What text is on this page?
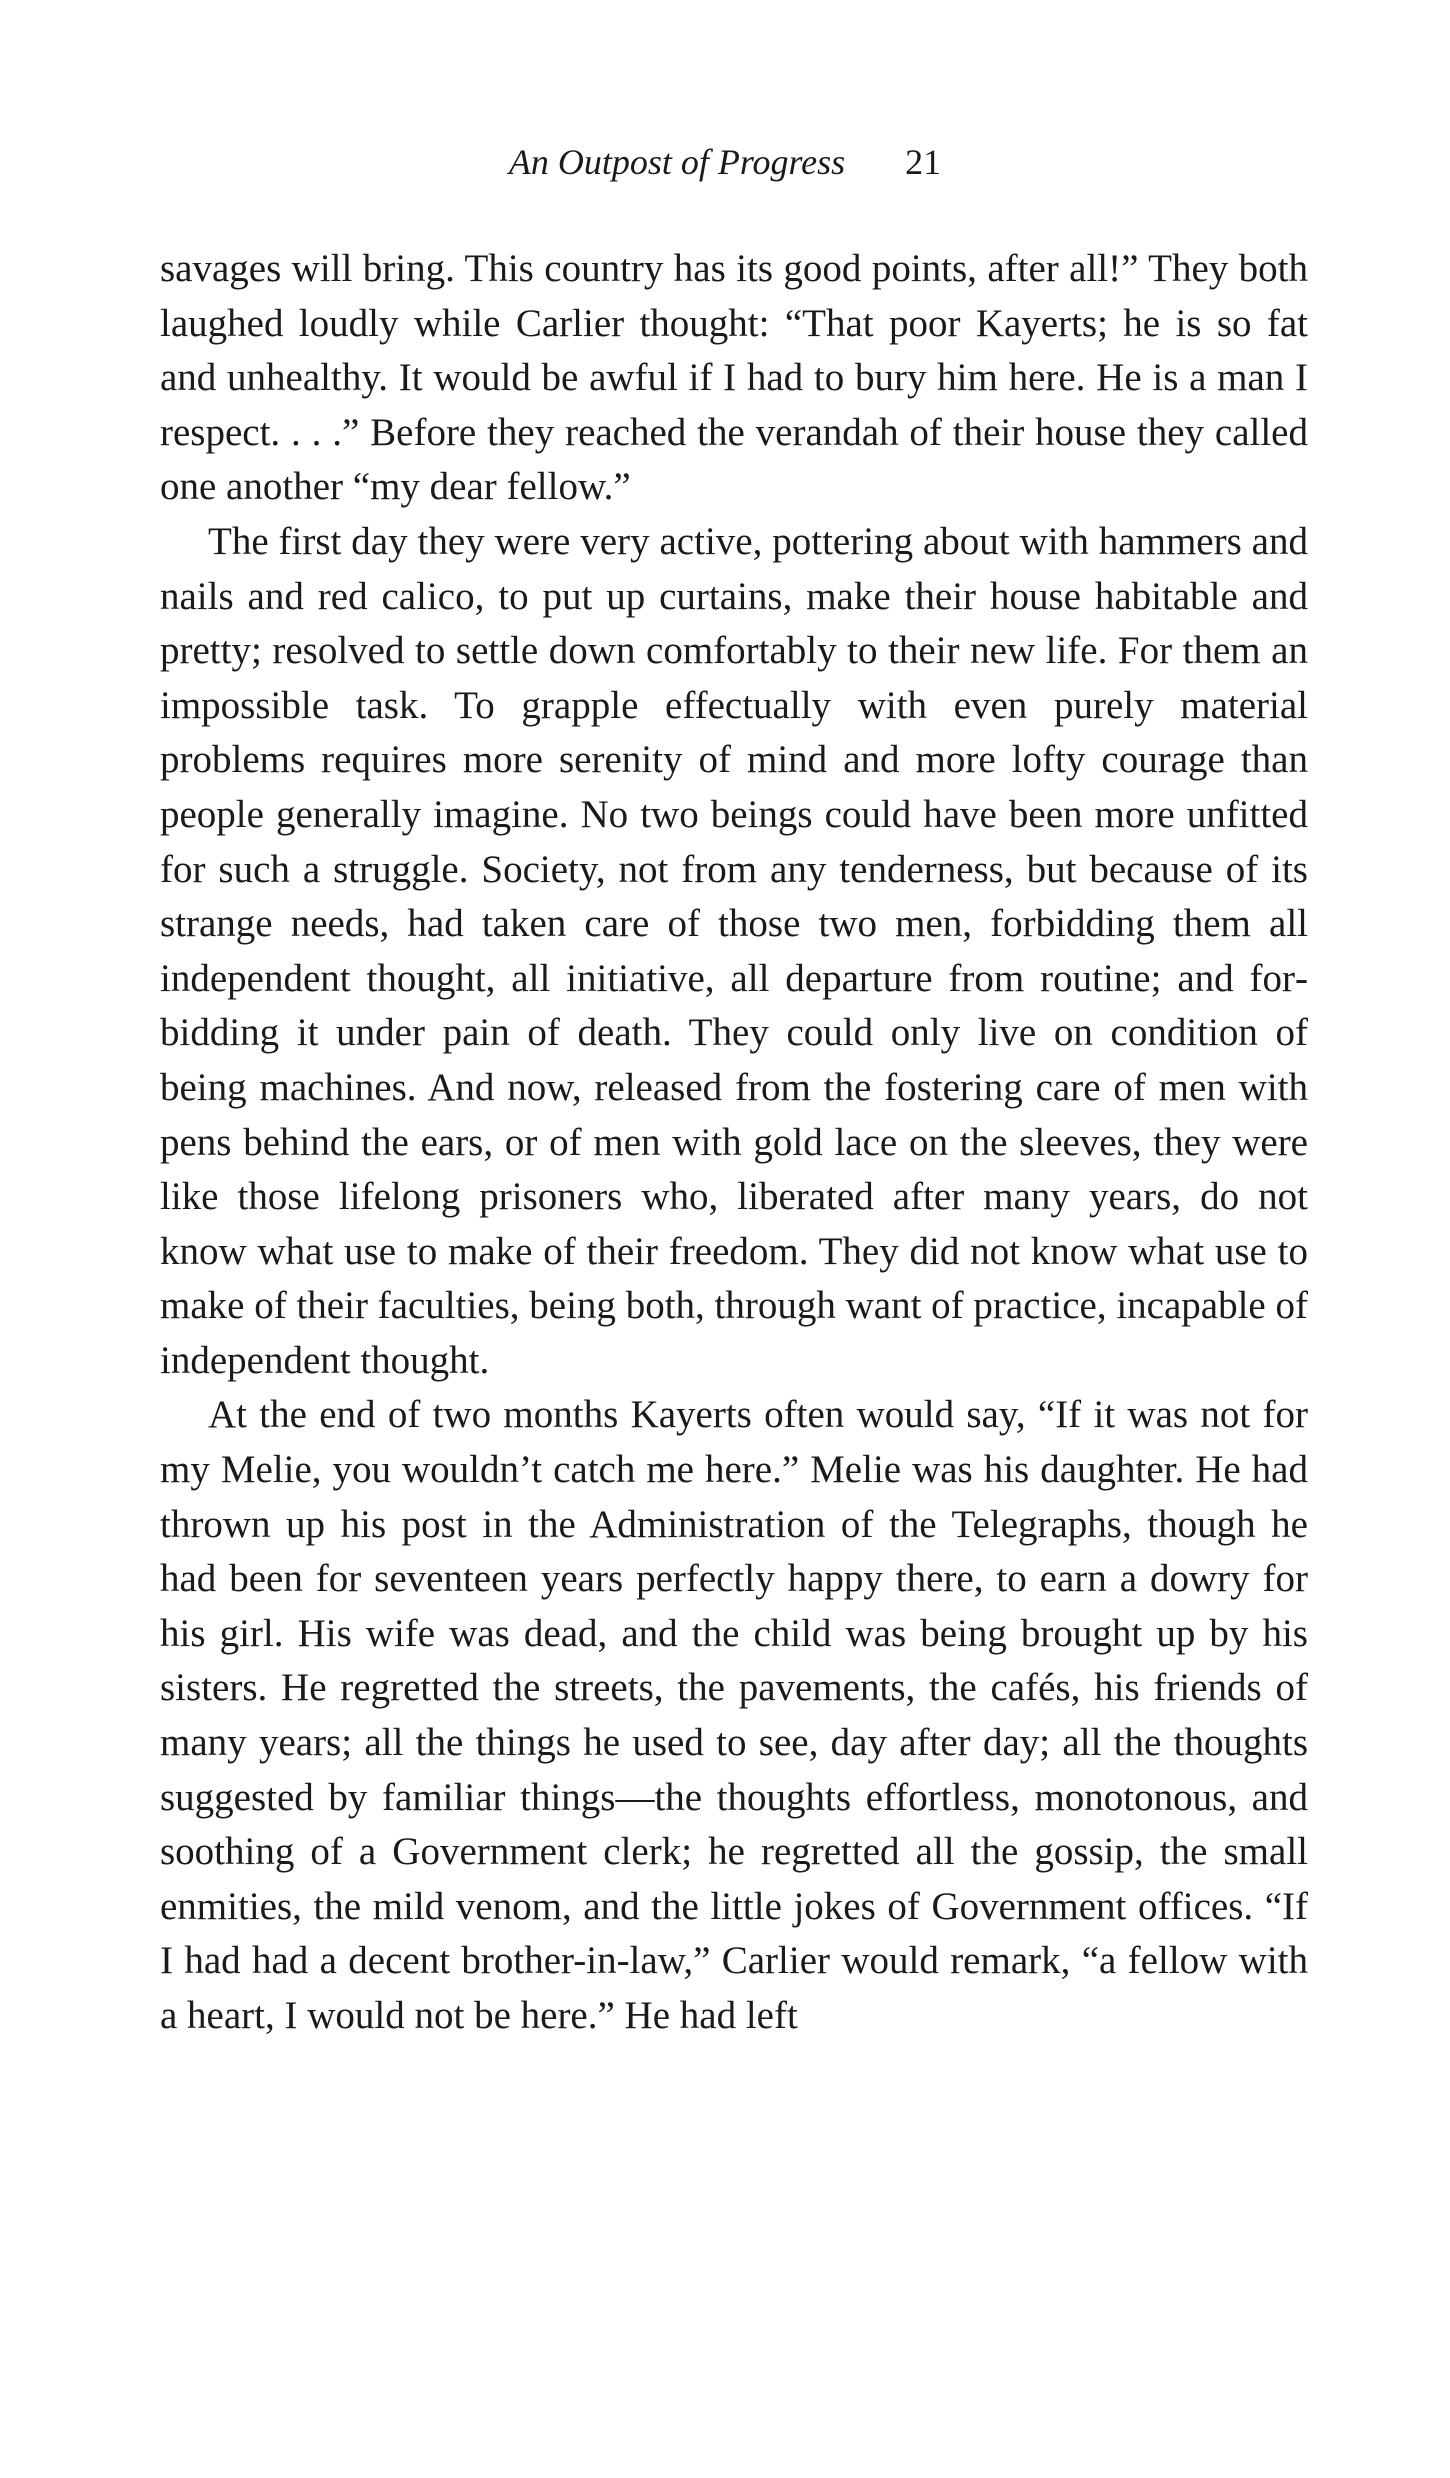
An Outpost of Progress 21

savages will bring. This country has its good points, after all!” They both laughed loudly while Carlier thought: “That poor Kayerts; he is so fat and unhealthy. It would be awful if I had to bury him here. He is a man I respect. . . .” Before they reached the verandah of their house they called one another “my dear fellow.”

The first day they were very active, pottering about with hammers and nails and red calico, to put up curtains, make their house habitable and pretty; resolved to settle down comfortably to their new life. For them an impossible task. To grapple effectually with even purely material problems requires more serenity of mind and more lofty courage than people generally imagine. No two beings could have been more unfitted for such a struggle. Society, not from any tenderness, but because of its strange needs, had taken care of those two men, forbidding them all independent thought, all initiative, all departure from routine; and forbidding it under pain of death. They could only live on condition of being machines. And now, released from the fostering care of men with pens behind the ears, or of men with gold lace on the sleeves, they were like those lifelong prisoners who, liberated after many years, do not know what use to make of their freedom. They did not know what use to make of their faculties, being both, through want of practice, incapable of independent thought.

At the end of two months Kayerts often would say, “If it was not for my Melie, you wouldn’t catch me here.” Melie was his daughter. He had thrown up his post in the Administration of the Telegraphs, though he had been for seventeen years perfectly happy there, to earn a dowry for his girl. His wife was dead, and the child was being brought up by his sisters. He regretted the streets, the pavements, the cafés, his friends of many years; all the things he used to see, day after day; all the thoughts suggested by familiar things—the thoughts effortless, monotonous, and soothing of a Government clerk; he regretted all the gossip, the small enmities, the mild venom, and the little jokes of Government offices. “If I had had a decent brother-in-law,” Carlier would remark, “a fellow with a heart, I would not be here.” He had left
